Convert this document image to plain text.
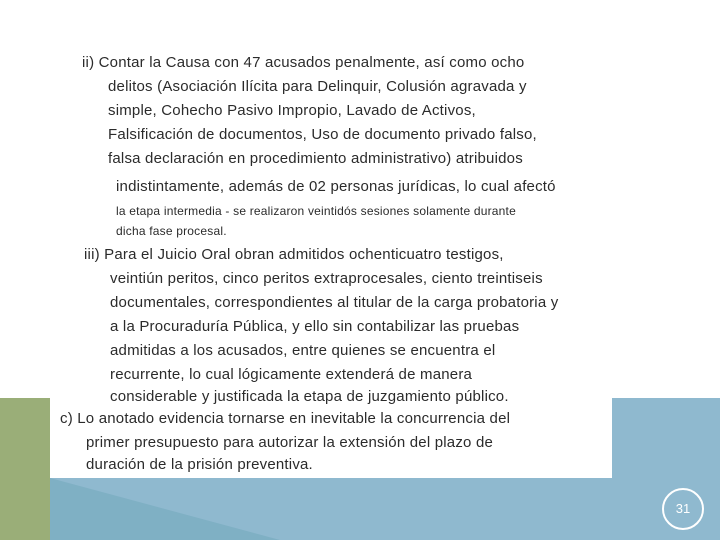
ii) Contar la Causa con 47 acusados penalmente, así como ocho
delitos (Asociación Ilícita para Delinquir, Colusión agravada y
simple, Cohecho Pasivo Impropio, Lavado de Activos,
Falsificación de documentos, Uso de documento privado falso,
falsa declaración en procedimiento administrativo) atribuidos
indistintamente, además de 02 personas jurídicas, lo cual afectó
la etapa intermedia - se realizaron veintidós sesiones solamente durante
dicha fase procesal.
iii) Para el Juicio Oral obran admitidos ochenticuatro testigos,
veintiún peritos, cinco peritos extraprocesales, ciento treintiseis
documentales, correspondientes al titular de la carga probatoria y
a la Procuraduría Pública, y ello sin contabilizar las pruebas
admitidas a los acusados, entre quienes se encuentra el
recurrente, lo cual lógicamente extenderá de manera
considerable y justificada la etapa de juzgamiento público.
c) Lo anotado evidencia tornarse en inevitable la concurrencia del
primer presupuesto para autorizar la extensión del plazo de
duración de la prisión preventiva.
31
